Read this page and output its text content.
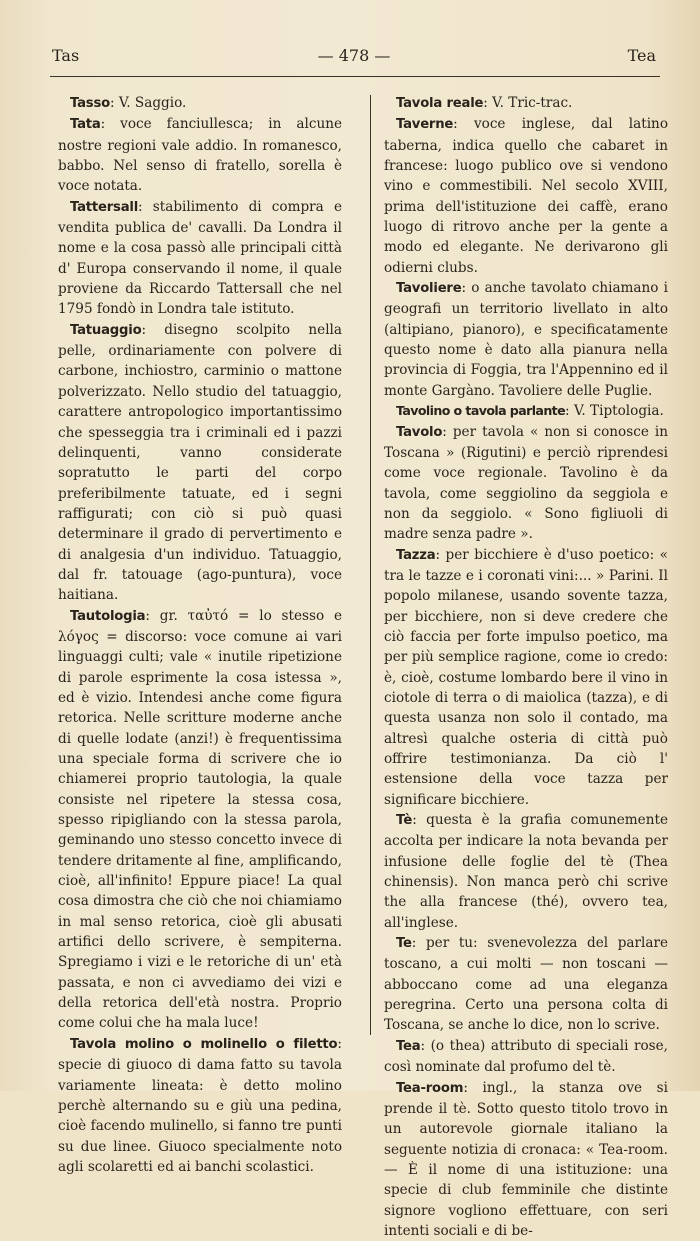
Tas	— 478 —	Tea

Tasso: V. Saggio.

Tata: voce fanciullesca; in alcune nostre regioni vale addio. In romanesco, babbo. Nel senso di fratello, sorella è voce notata.

Tattersall: stabilimento di compra e vendita publica de' cavalli. Da Londra il nome e la cosa passò alle principali città d' Europa conservando il nome, il quale proviene da Riccardo Tattersall che nel 1795 fondò in Londra tale istituto.

Tatuaggio: disegno scolpito nella pelle, ordinariamente con polvere di carbone, inchiostro, carminio o mattone polverizzato. Nello studio del tatuaggio, carattere antropologico importantissimo che spesseggia tra i criminali ed i pazzi delinquenti, vanno considerate sopratutto le parti del corpo preferibilmente tatuate, ed i segni raffigurati; con ciò si può quasi determinare il grado di pervertimento e di analgesia d'un individuo. Tatuaggio, dal fr. tatouage (ago-puntura), voce haitiana.

Tautologia: gr. ταὐτό = lo stesso e λόγος = discorso: voce comune ai vari linguaggi culti; vale « inutile ripetizione di parole esprimente la cosa istessa », ed è vizio. Intendesi anche come figura retorica. Nelle scritture moderne anche di quelle lodate (anzi!) è frequentissima una speciale forma di scrivere che io chiamerei proprio tautologia, la quale consiste nel ripetere la stessa cosa, spesso ripigliando con la stessa parola, geminando uno stesso concetto invece di tendere dritamente al fine, amplificando, cioè, all'infinito! Eppure piace! La qual cosa dimostra che ciò che noi chiamiamo in mal senso retorica, cioè gli abusati artifici dello scrivere, è sempiterna. Spregiamo i vizi e le retoriche di un' età passata, e non ci avvediamo dei vizi e della retorica dell'età nostra. Proprio come colui che ha mala luce!

Tavola molino o molinello o filetto: specie di giuoco di dama fatto su tavola variamente lineata: è detto molino perchè alternando su e giù una pedina, cioè facendo mulinello, si fanno tre punti su due linee. Giuoco specialmente noto agli scolaretti ed ai banchi scolastici.

Tavola reale: V. Tric-trac.

Taverne: voce inglese, dal latino taberna, indica quello che cabaret in francese: luogo publico ove si vendono vino e commestibili. Nel secolo XVIII, prima dell'istituzione dei caffè, erano luogo di ritrovo anche per la gente a modo ed elegante. Ne derivarono gli odierni clubs.

Tavoliere: o anche tavolato chiamano i geografi un territorio livellato in alto (altipiano, pianoro), e specificatamente questo nome è dato alla pianura nella provincia di Foggia, tra l'Appennino ed il monte Gargàno. Tavoliere delle Puglie.

Tavolino o tavola parlante: V. Tiptologia.

Tavolo: per tavola « non si conosce in Toscana » (Rigutini) e perciò riprendesi come voce regionale. Tavolino è da tavola, come seggiolino da seggiola e non da seggiolo. « Sono figliuoli di madre senza padre ».

Tazza: per bicchiere è d'uso poetico: « tra le tazze e i coronati vini:... » Parini. Il popolo milanese, usando sovente tazza, per bicchiere, non si deve credere che ciò faccia per forte impulso poetico, ma per più semplice ragione, come io credo: è, cioè, costume lombardo bere il vino in ciotole di terra o di maiolica (tazza), e di questa usanza non solo il contado, ma altresì qualche osteria di città può offrire testimonianza. Da ciò l' estensione della voce tazza per significare bicchiere.

Tè: questa è la grafia comunemente accolta per indicare la nota bevanda per infusione delle foglie del tè (Thea chinensis). Non manca però chi scrive the alla francese (thé), ovvero tea, all'inglese.

Te: per tu: svenevolezza del parlare toscano, a cui molti — non toscani — abboccano come ad una eleganza peregrina. Certo una persona colta di Toscana, se anche lo dice, non lo scrive.

Tea: (o thea) attributo di speciali rose, così nominate dal profumo del tè.

Tea-room: ingl., la stanza ove si prende il tè. Sotto questo titolo trovo in un autorevole giornale italiano la seguente notizia di cronaca: « Tea-room. — È il nome di una istituzione: una specie di club femminile che distinte signore vogliono effettuare, con seri intenti sociali e di be-
